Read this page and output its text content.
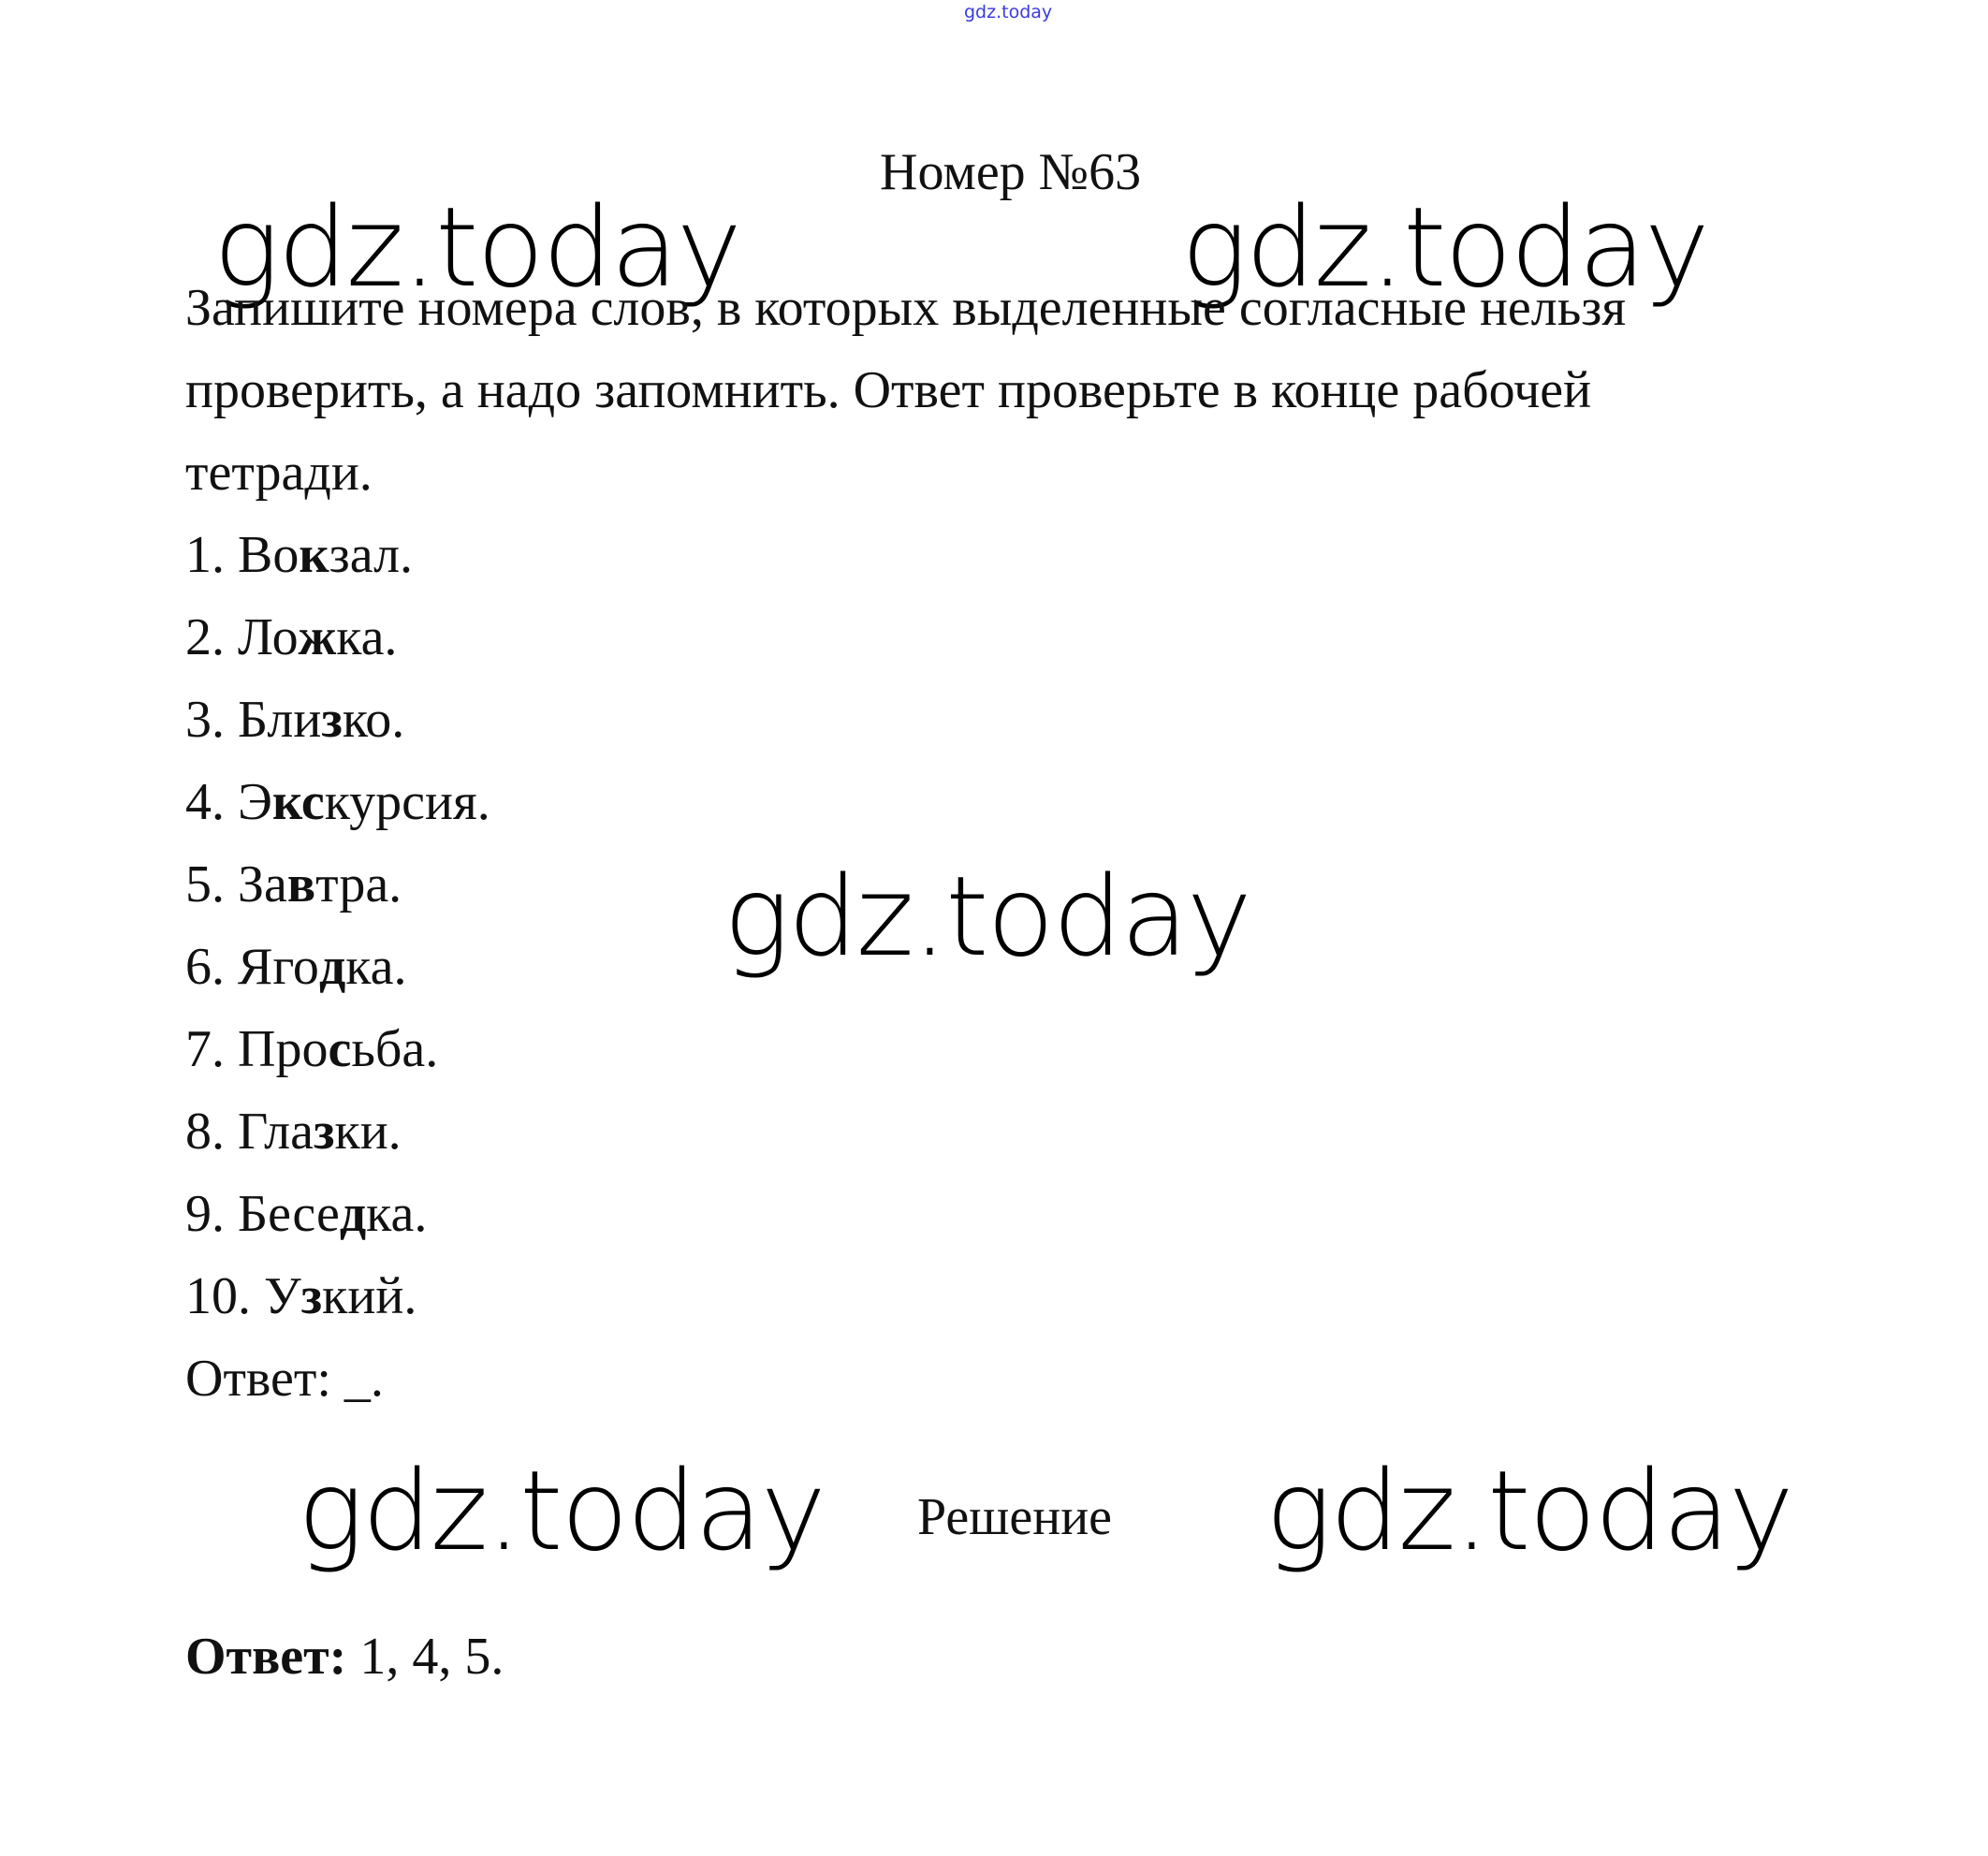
gdz.today
Номер №63
gdz.today	gdz.today
Запишите номера слов, в которых выделенные согласные нельзя
проверить, а надо запомнить. Ответ проверьте в конце рабочей
тетради.
1. Вокзал.
2. Ложка.
3. Близко.
4. Экскурсия.
5. Завтра.
6. Ягодка.
7. Просьба.
8. Глазки.
9. Беседка.
10. Узкий.
gdz.today
Ответ: _.
gdz.today Решение gdz.today
Ответ: 1, 4, 5.
